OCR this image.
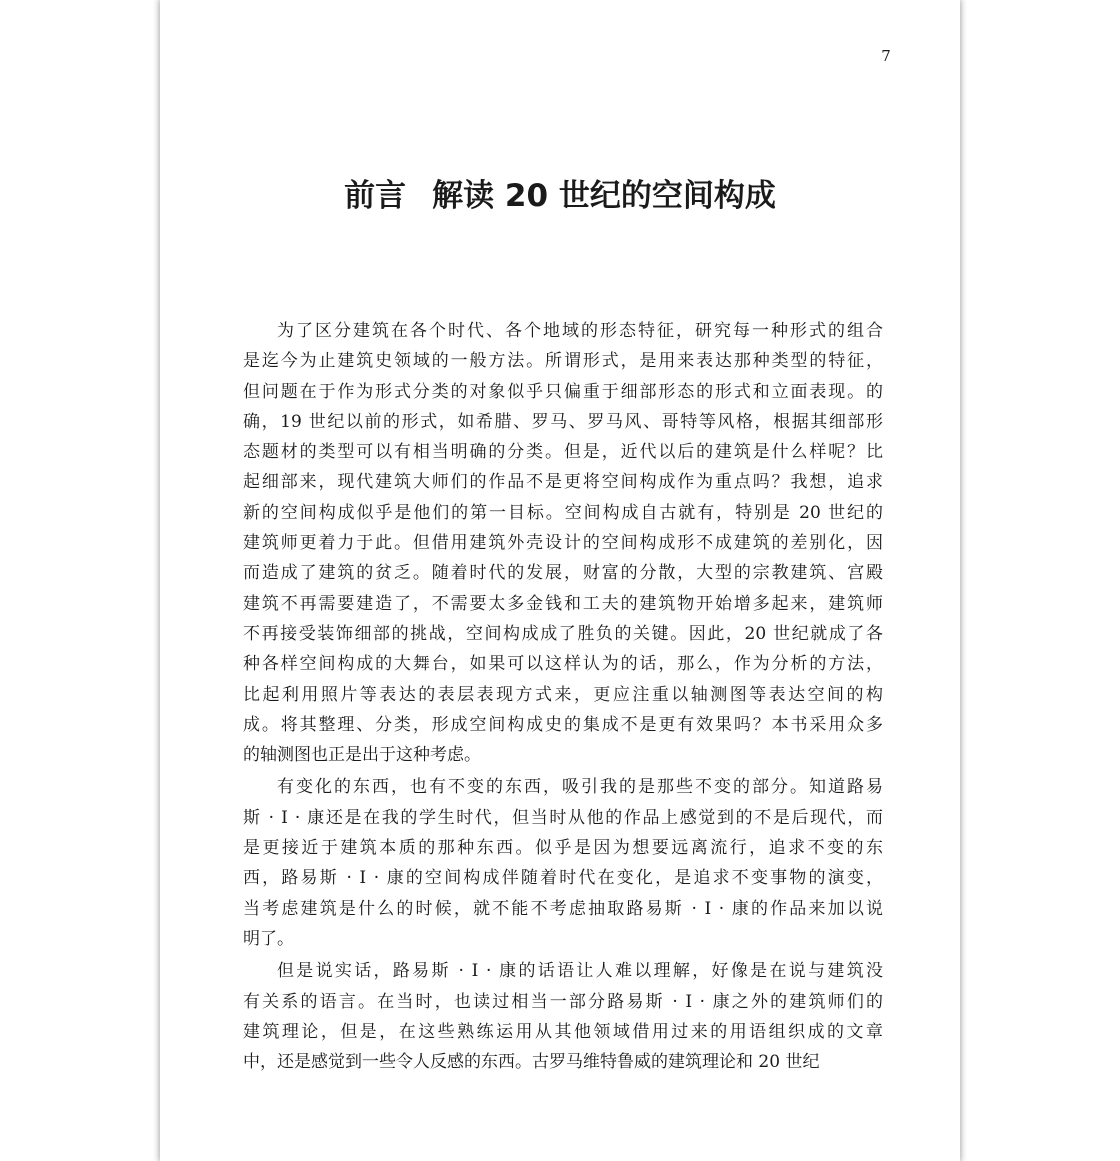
7
前言 解读 20 世纪的空间构成
为了区分建筑在各个时代、各个地域的形态特征，研究每一种形式的组合
是迄今为止建筑史领域的一般方法。所谓形式，是用来表达那种类型的特征，
但问题在于作为形式分类的对象似乎只偏重于细部形态的形式和立面表现。的
确，19 世纪以前的形式，如希腊、罗马、罗马风、哥特等风格，根据其细部形
态题材的类型可以有相当明确的分类。但是，近代以后的建筑是什么样呢？比
起细部来，现代建筑大师们的作品不是更将空间构成作为重点吗？我想，追求
新的空间构成似乎是他们的第一目标。空间构成自古就有，特别是 20 世纪的
建筑师更着力于此。但借用建筑外壳设计的空间构成形不成建筑的差别化，因
而造成了建筑的贫乏。随着时代的发展，财富的分散，大型的宗教建筑、宫殿
建筑不再需要建造了，不需要太多金钱和工夫的建筑物开始增多起来，建筑师
不再接受装饰细部的挑战，空间构成成了胜负的关键。因此，20 世纪就成了各
种各样空间构成的大舞台，如果可以这样认为的话，那么，作为分析的方法，
比起利用照片等表达的表层表现方式来，更应注重以轴测图等表达空间的构
成。将其整理、分类，形成空间构成史的集成不是更有效果吗？本书采用众多
的轴测图也正是出于这种考虑。
有变化的东西，也有不变的东西，吸引我的是那些不变的部分。知道路易
斯 · I · 康还是在我的学生时代，但当时从他的作品上感觉到的不是后现代，而
是更接近于建筑本质的那种东西。似乎是因为想要远离流行，追求不变的东
西，路易斯 · I · 康的空间构成伴随着时代在变化，是追求不变事物的演变，
当考虑建筑是什么的时候，就不能不考虑抽取路易斯 · I · 康的作品来加以说
明了。
但是说实话，路易斯 · I · 康的话语让人难以理解，好像是在说与建筑没
有关系的语言。在当时，也读过相当一部分路易斯 · I · 康之外的建筑师们的
建筑理论，但是，在这些熟练运用从其他领域借用过来的用语组织成的文章
中，还是感觉到一些令人反感的东西。古罗马维特鲁威的建筑理论和 20 世纪
